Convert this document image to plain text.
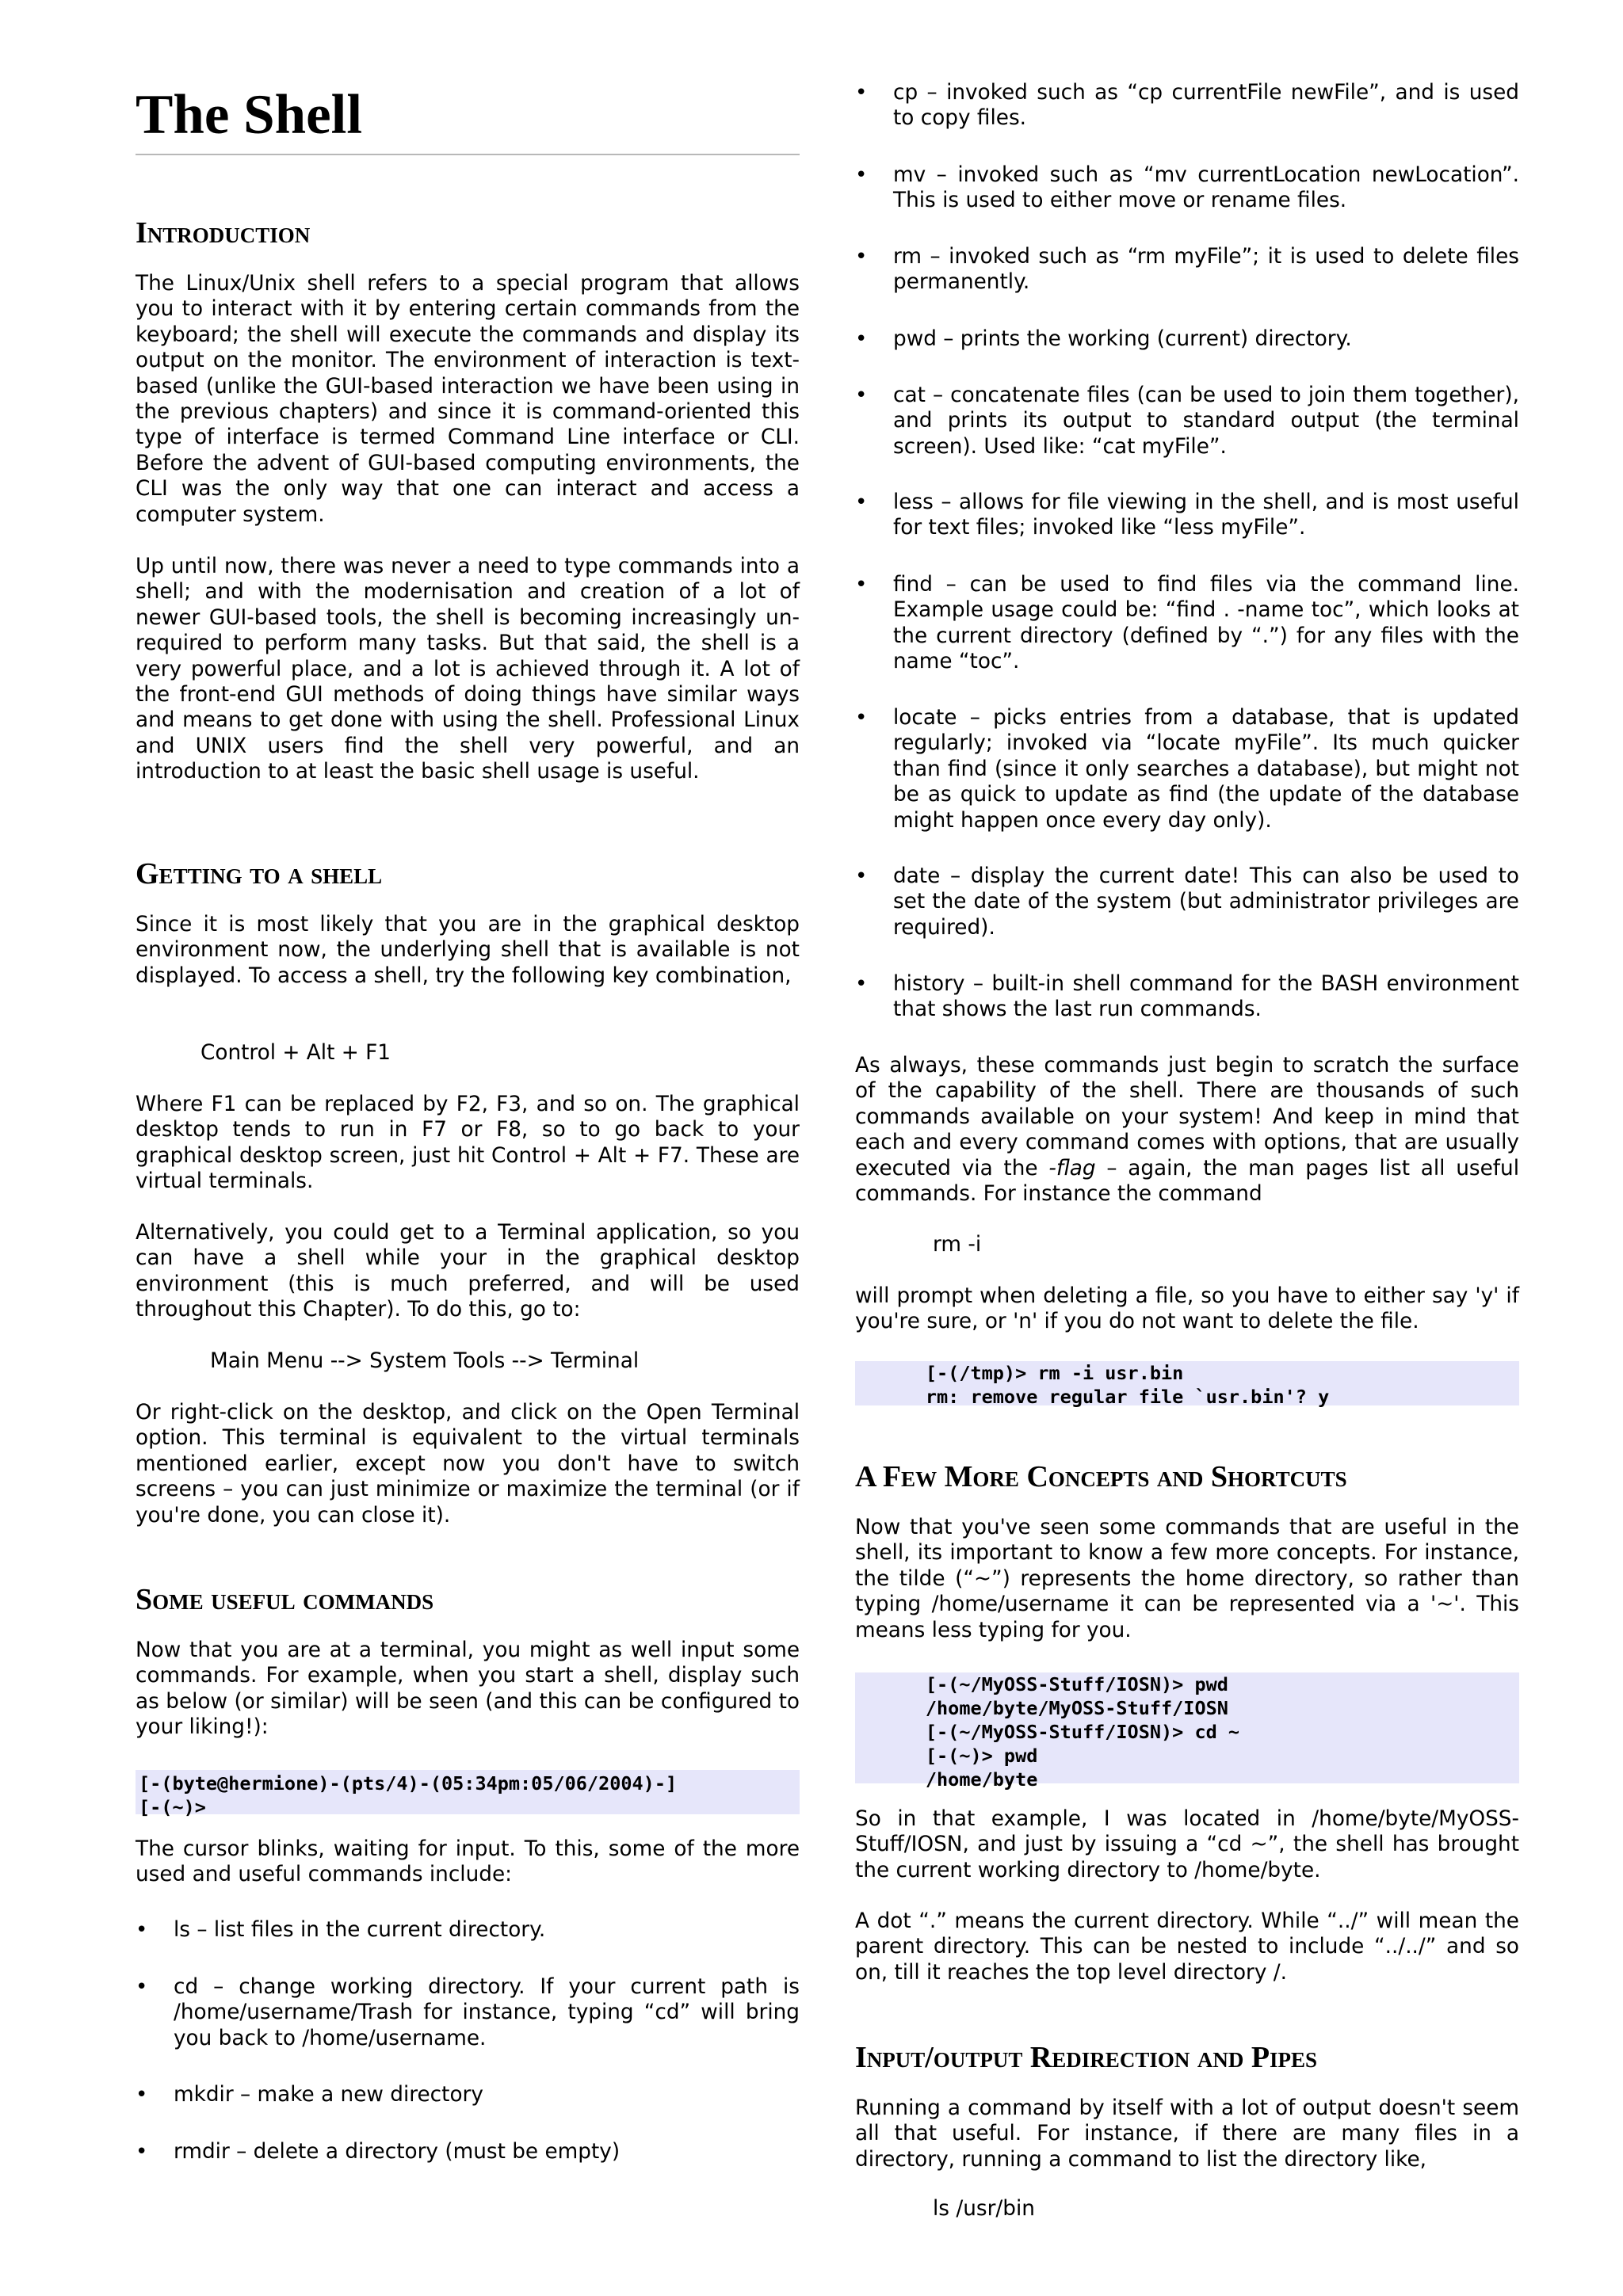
The Shell
Introduction

The Linux/Unix shell refers to a special program that allows you to interact with it by entering certain commands from the keyboard; the shell will execute the commands and display its output on the monitor. The environment of interaction is text-based (unlike the GUI-based interaction we have been using in the previous chapters) and since it is command-oriented this type of interface is termed Command Line interface or CLI. Before the advent of GUI-based computing environments, the CLI was the only way that one can interact and access a computer system.

Up until now, there was never a need to type commands into a shell; and with the modernisation and creation of a lot of newer GUI-based tools, the shell is becoming increasingly un-required to perform many tasks. But that said, the shell is a very powerful place, and a lot is achieved through it. A lot of the front-end GUI methods of doing things have similar ways and means to get done with using the shell. Professional Linux and UNIX users find the shell very powerful, and an introduction to at least the basic shell usage is useful.

Getting to a shell

Since it is most likely that you are in the graphical desktop environment now, the underlying shell that is available is not displayed. To access a shell, try the following key combination,

Control + Alt + F1

Where F1 can be replaced by F2, F3, and so on. The graphical desktop tends to run in F7 or F8, so to go back to your graphical desktop screen, just hit Control + Alt + F7. These are virtual terminals.

Alternatively, you could get to a Terminal application, so you can have a shell while your in the graphical desktop environment (this is much preferred, and will be used throughout this Chapter). To do this, go to:

Main Menu --> System Tools --> Terminal

Or right-click on the desktop, and click on the Open Terminal option. This terminal is equivalent to the virtual terminals mentioned earlier, except now you don't have to switch screens – you can just minimize or maximize the terminal (or if you're done, you can close it).

Some useful commands

Now that you are at a terminal, you might as well input some commands. For example, when you start a shell, display such as below (or similar) will be seen (and this can be configured to your liking!):

[-(byte@hermione)-(pts/4)-(05:34pm:05/06/2004)-]
[-(~)>

The cursor blinks, waiting for input. To this, some of the more used and useful commands include:

• ls – list files in the current directory.

• cd – change working directory. If your current path is /home/username/Trash for instance, typing “cd” will bring you back to /home/username.

• mkdir – make a new directory

• rmdir – delete a directory (must be empty)

• cp – invoked such as “cp currentFile newFile”, and is used to copy files.

• mv – invoked such as “mv currentLocation newLocation”. This is used to either move or rename files.

• rm – invoked such as “rm myFile”; it is used to delete files permanently.

• pwd – prints the working (current) directory.

• cat – concatenate files (can be used to join them together), and prints its output to standard output (the terminal screen). Used like: “cat myFile”.

• less – allows for file viewing in the shell, and is most useful for text files; invoked like “less myFile”.

• find – can be used to find files via the command line. Example usage could be: “find . -name toc”, which looks at the current directory (defined by “.”) for any files with the name “toc”.

• locate – picks entries from a database, that is updated regularly; invoked via “locate myFile”. Its much quicker than find (since it only searches a database), but might not be as quick to update as find (the update of the database might happen once every day only).

• date – display the current date! This can also be used to set the date of the system (but administrator privileges are required).

• history – built-in shell command for the BASH environment that shows the last run commands.

As always, these commands just begin to scratch the surface of the capability of the shell. There are thousands of such commands available on your system! And keep in mind that each and every command comes with options, that are usually executed via the -flag – again, the man pages list all useful commands. For instance the command

rm -i

will prompt when deleting a file, so you have to either say 'y' if you're sure, or 'n' if you do not want to delete the file.

[-(/tmp)> rm -i usr.bin
rm: remove regular file `usr.bin'? y
A Few More Concepts and Shortcuts

Now that you've seen some commands that are useful in the shell, its important to know a few more concepts. For instance, the tilde (“~”) represents the home directory, so rather than typing /home/username it can be represented via a '~'. This means less typing for you.

[-(~/MyOSS-Stuff/IOSN)> pwd
/home/byte/MyOSS-Stuff/IOSN
[-(~/MyOSS-Stuff/IOSN)> cd ~
[-(~)> pwd
/home/byte

So in that example, I was located in /home/byte/MyOSS-Stuff/IOSN, and just by issuing a “cd ~”, the shell has brought the current working directory to /home/byte.

A dot “.” means the current directory. While “../” will mean the parent directory. This can be nested to include “../../” and so on, till it reaches the top level directory /.

Input/output Redirection and Pipes

Running a command by itself with a lot of output doesn't seem all that useful. For instance, if there are many files in a directory, running a command to list the directory like,

ls /usr/bin
